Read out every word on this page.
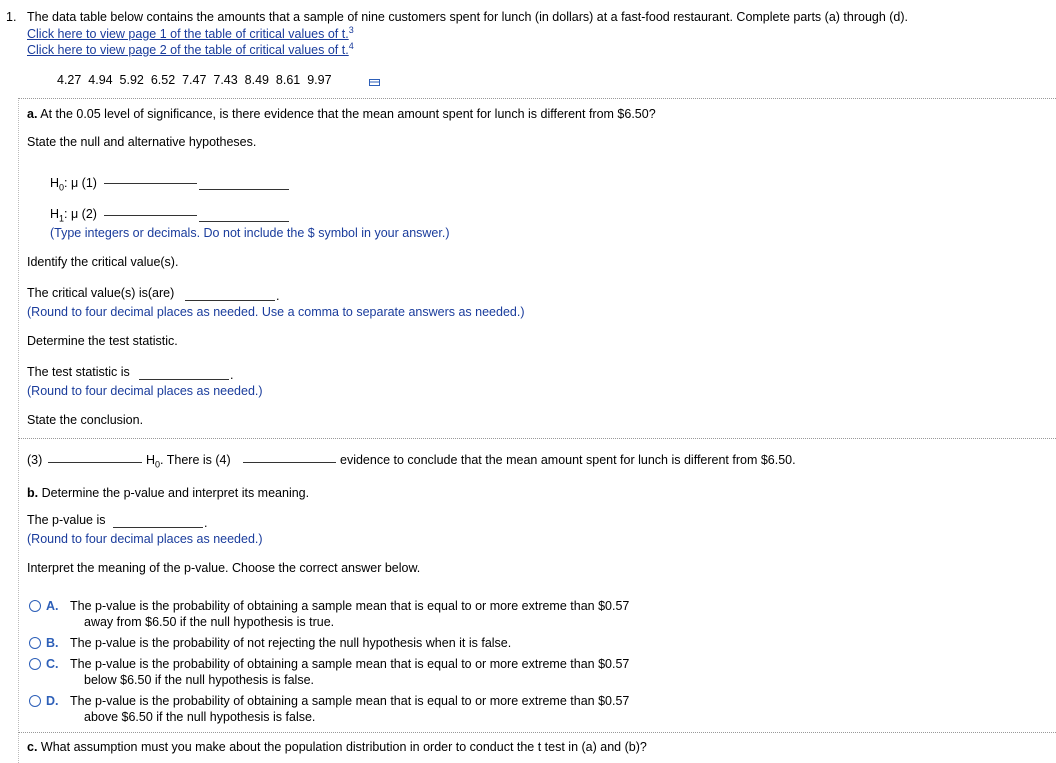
1. The data table below contains the amounts that a sample of nine customers spent for lunch (in dollars) at a fast-food restaurant. Complete parts (a) through (d).
Click here to view page 1 of the table of critical values of t.$^3$
Click here to view page 2 of the table of critical values of t.$^4$
4.27  4.94  5.92  6.52  7.47  7.43  8.49  8.61  9.97
a. At the 0.05 level of significance, is there evidence that the mean amount spent for lunch is different from $6.50?
State the null and alternative hypotheses.
$H_0$: μ (1)
$H_1$: μ (2)
(Type integers or decimals. Do not include the $ symbol in your answer.)
Identify the critical value(s).
The critical value(s) is(are)	.
(Round to four decimal places as needed. Use a comma to separate answers as needed.)
Determine the test statistic.
The test statistic is	.
(Round to four decimal places as needed.)
State the conclusion.
(3)	$H_0$. There is (4)	evidence to conclude that the mean amount spent for lunch is different from $6.50.
b. Determine the p-value and interpret its meaning.
The p-value is	.
(Round to four decimal places as needed.)
Interpret the meaning of the p-value. Choose the correct answer below.
A. The p-value is the probability of obtaining a sample mean that is equal to or more extreme than $0.57
away from $6.50 if the null hypothesis is true.
B. The p-value is the probability of not rejecting the null hypothesis when it is false.
C. The p-value is the probability of obtaining a sample mean that is equal to or more extreme than $0.57
below $6.50 if the null hypothesis is false.
D. The p-value is the probability of obtaining a sample mean that is equal to or more extreme than $0.57
above $6.50 if the null hypothesis is false.
c. What assumption must you make about the population distribution in order to conduct the t test in (a) and (b)?
